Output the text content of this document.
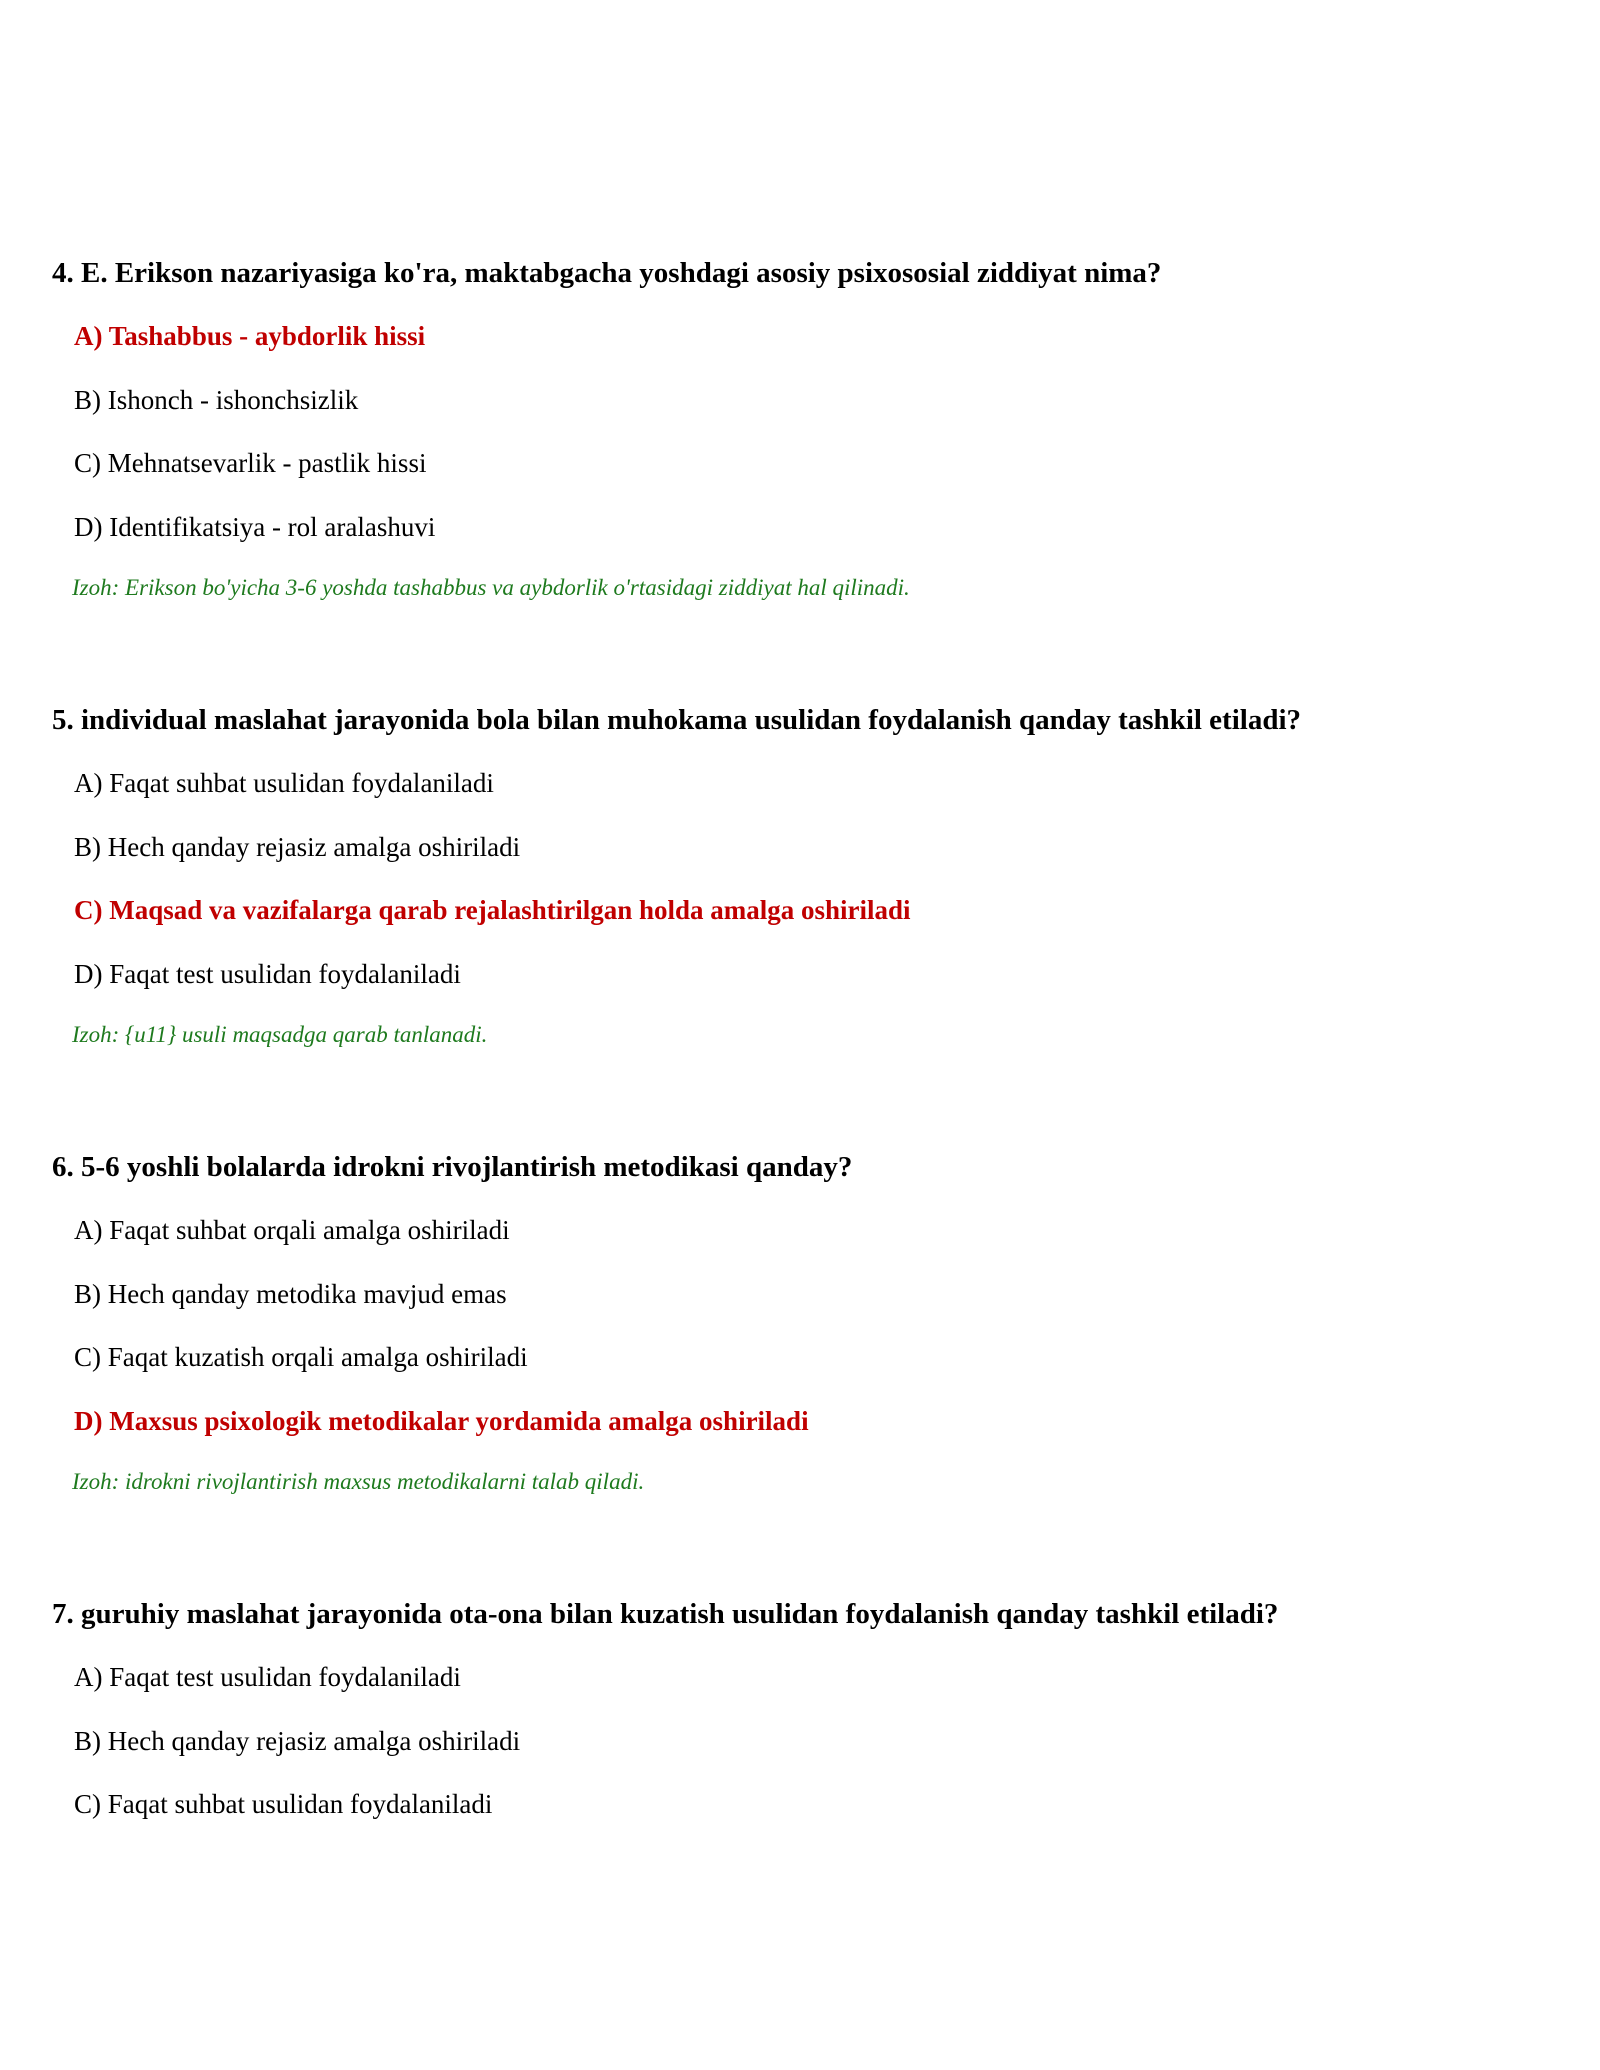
4. E. Erikson nazariyasiga ko'ra, maktabgacha yoshdagi asosiy psixososial ziddiyat nima?

A) Tashabbus - aybdorlik hissi
B) Ishonch - ishonchsizlik
C) Mehnatsevarlik - pastlik hissi
D) Identifikatsiya - rol aralashuvi
Izoh: Erikson bo'yicha 3-6 yoshda tashabbus va aybdorlik o'rtasidagi ziddiyat hal qilinadi.

5. individual maslahat jarayonida bola bilan muhokama usulidan foydalanish qanday tashkil etiladi?

A) Faqat suhbat usulidan foydalaniladi
B) Hech qanday rejasiz amalga oshiriladi
C) Maqsad va vazifalarga qarab rejalashtirilgan holda amalga oshiriladi
D) Faqat test usulidan foydalaniladi
Izoh: {u11} usuli maqsadga qarab tanlanadi.

6. 5-6 yoshli bolalarda idrokni rivojlantirish metodikasi qanday?

A) Faqat suhbat orqali amalga oshiriladi
B) Hech qanday metodika mavjud emas
C) Faqat kuzatish orqali amalga oshiriladi
D) Maxsus psixologik metodikalar yordamida amalga oshiriladi
Izoh: idrokni rivojlantirish maxsus metodikalarni talab qiladi.

7. guruhiy maslahat jarayonida ota-ona bilan kuzatish usulidan foydalanish qanday tashkil etiladi?

A) Faqat test usulidan foydalaniladi
B) Hech qanday rejasiz amalga oshiriladi
C) Faqat suhbat usulidan foydalaniladi
